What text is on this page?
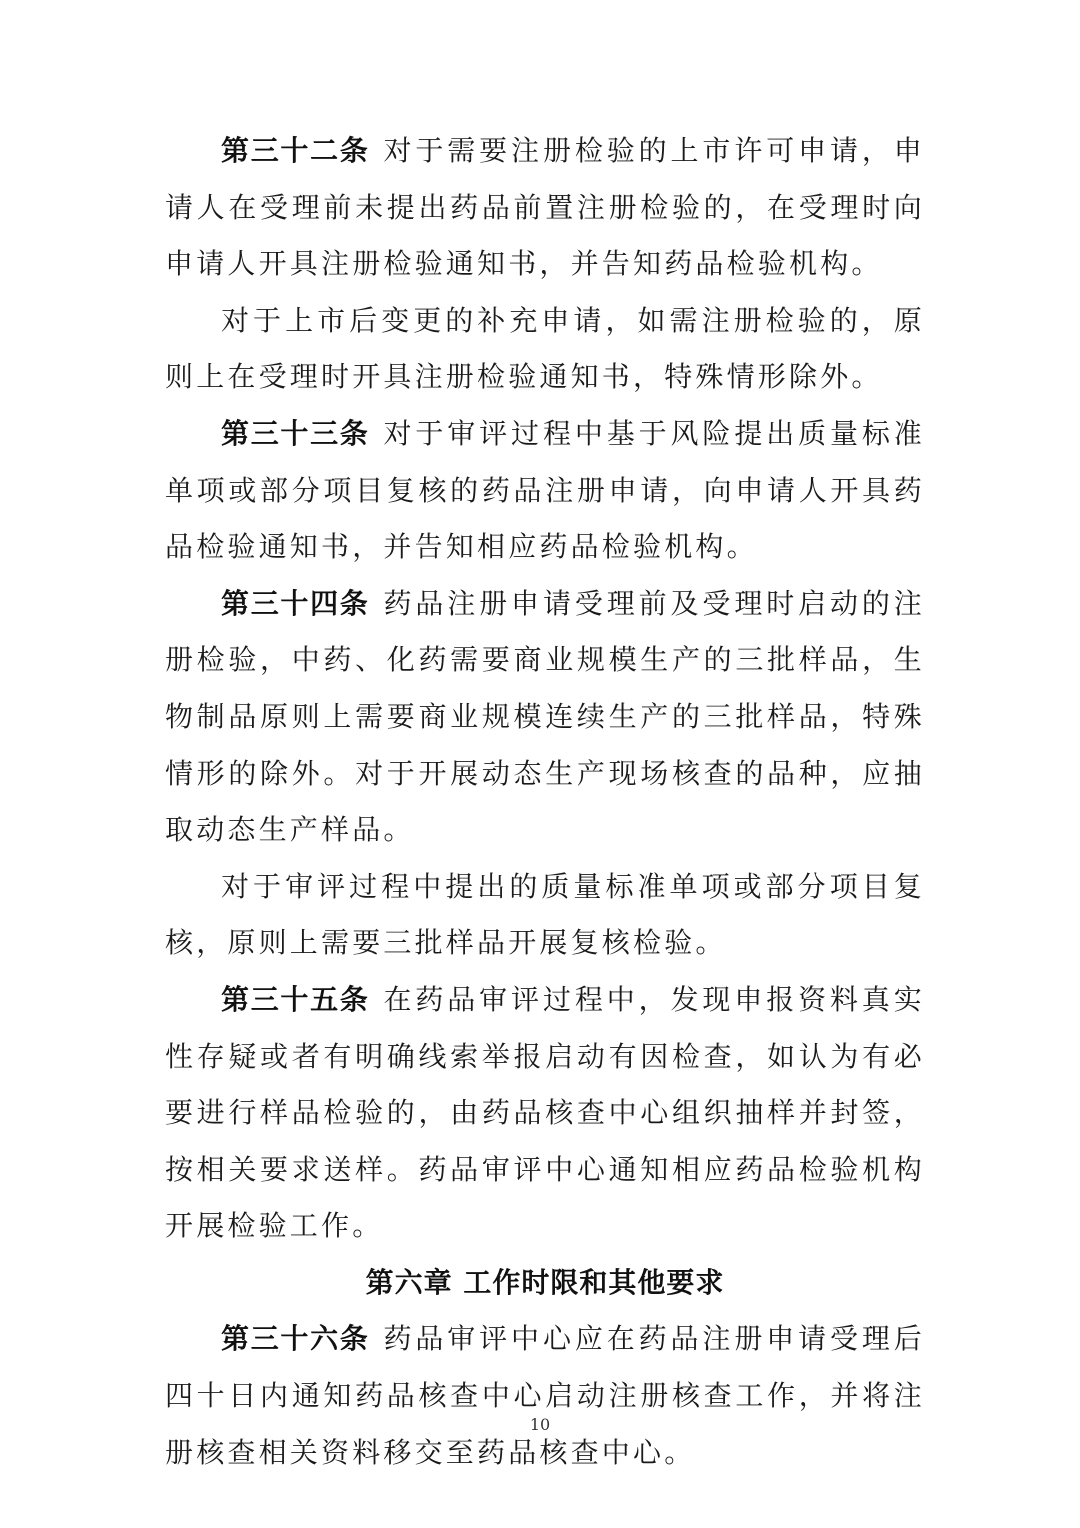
第三十二条 对于需要注册检验的上市许可申请，申请人在受理前未提出药品前置注册检验的，在受理时向申请人开具注册检验通知书，并告知药品检验机构。

对于上市后变更的补充申请，如需注册检验的，原则上在受理时开具注册检验通知书，特殊情形除外。

第三十三条 对于审评过程中基于风险提出质量标准单项或部分项目复核的药品注册申请，向申请人开具药品检验通知书，并告知相应药品检验机构。

第三十四条 药品注册申请受理前及受理时启动的注册检验，中药、化药需要商业规模生产的三批样品，生物制品原则上需要商业规模连续生产的三批样品，特殊情形的除外。对于开展动态生产现场核查的品种，应抽取动态生产样品。

对于审评过程中提出的质量标准单项或部分项目复核，原则上需要三批样品开展复核检验。

第三十五条 在药品审评过程中，发现申报资料真实性存疑或者有明确线索举报启动有因检查，如认为有必要进行样品检验的，由药品核查中心组织抽样并封签，按相关要求送样。药品审评中心通知相应药品检验机构开展检验工作。

第六章 工作时限和其他要求

第三十六条 药品审评中心应在药品注册申请受理后四十日内通知药品核查中心启动注册核查工作，并将注册核查相关资料移交至药品核查中心。

10
